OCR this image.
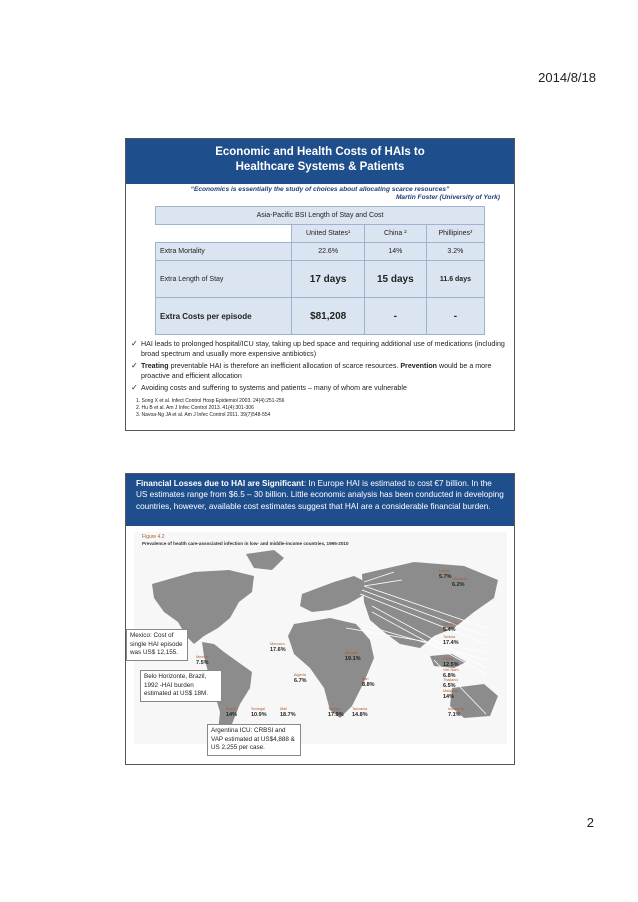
2014/8/18
Economic and Health Costs of HAIs to
Healthcare Systems & Patients
“Economics is essentially the study of choices about allocating scarce resources”
Martin Foster (University of York)
Asia-Pacific BSI Length of Stay and Cost			
	United States¹	China ²	Phillipines³
Extra Mortality	22.6%	14%	3.2%
Extra Length of Stay	17 days	15 days	11.6 days
Extra Costs per episode	$81,208	-	-
✓ HAI leads to prolonged hospital/ICU stay, taking up bed space and requiring additional use of medications (including broad spectrum and usually more expensive antibiotics)
✓ Treating preventable HAI is therefore an inefficient allocation of scarce resources. Prevention would be a more proactive and efficient allocation
✓ Avoiding costs and suffering to systems and patients – many of whom are vulnerable
1. Song X et al. Infect Control Hosp Epidemiol 2003. 24(4):251-256
2. Hu B et al. Am J Infec Control 2013. 41(4):301-306
3. Navoa-Ng JA et al. Am J Infec Control 2011. 39(7)548-554
Financial Losses due to HAI are Significant: In Europe HAI is estimated to cost €7 billion. In the US estimates range from $6.5 – 30 billion. Little economic analysis has been conducted in developing countries, however, available cost estimates suggest that HAI are a considerable financial burden.
Figure 4.2
Prevalence of health care-associated infection in low- and middle-income countries, 1995-2010
Latvia
5.7% Lithuania
6.2%
Mongolia
5.4%
Tunisia
17.4%
Morocco
17.6%	Albania
19.1%	China
12.5%
Viet Nam
6.8%
Thailand
6.5%
Malaysia
14%
Mexico
7.5%
Mali
18.7%
Brazil
14%
Senegal
10.9%
Algeria
6.7%	Iran
8.8%
Tanzania
14.8%
Tunisia
17.9%
Indonesia
7.1%
Mexico: Cost of single HAI episode was US$ 12,155.
Belo Horizonte, Brazil, 1992 -HAI burden estimated at US$ 18M.
Argentina ICU: CRBSI and VAP estimated at US$4,888 & US 2,255 per case.
2
